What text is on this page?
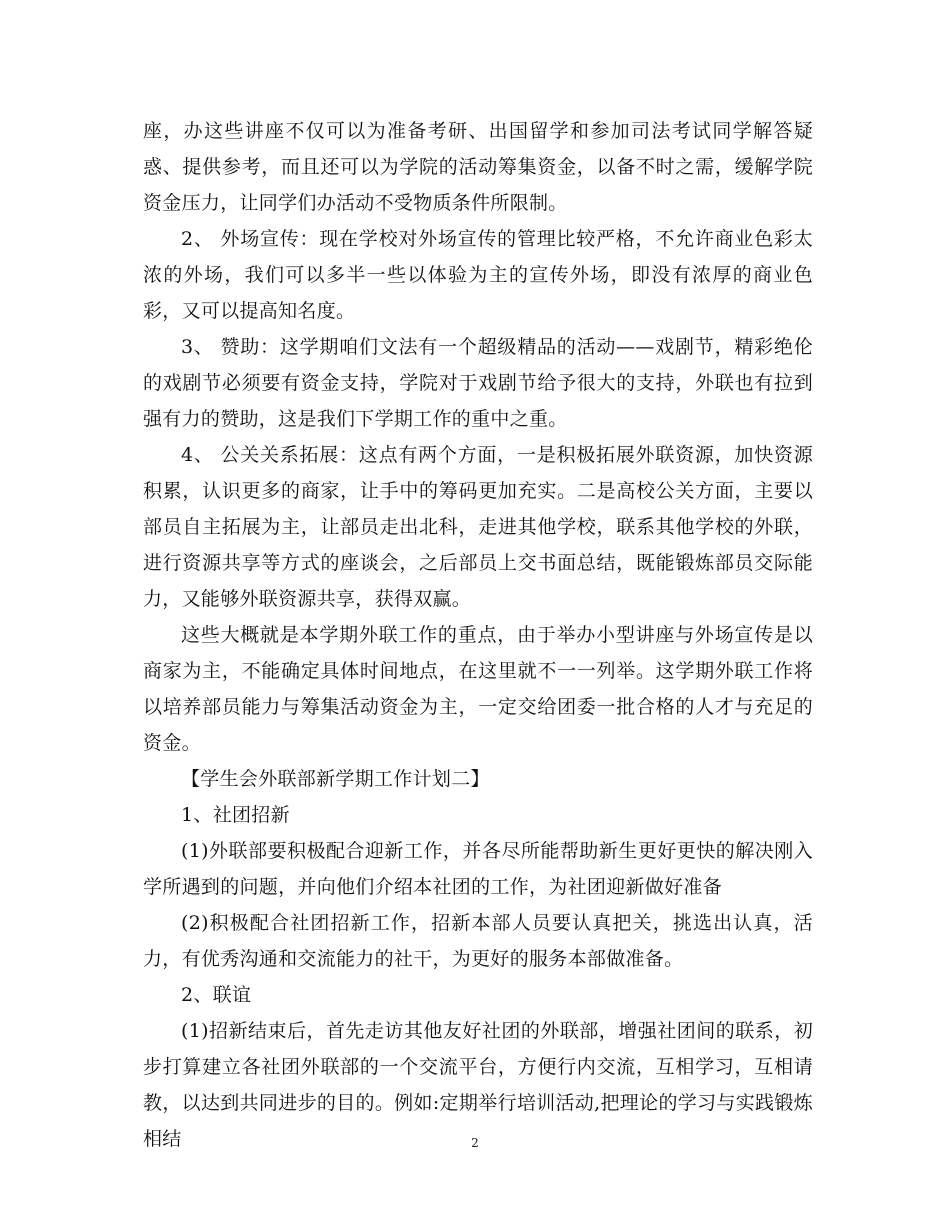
座，办这些讲座不仅可以为准备考研、出国留学和参加司法考试同学解答疑惑、提供参考，而且还可以为学院的活动筹集资金，以备不时之需，缓解学院资金压力，让同学们办活动不受物质条件所限制。

2、 外场宣传：现在学校对外场宣传的管理比较严格，不允许商业色彩太浓的外场，我们可以多半一些以体验为主的宣传外场，即没有浓厚的商业色彩，又可以提高知名度。

3、 赞助：这学期咱们文法有一个超级精品的活动——戏剧节，精彩绝伦的戏剧节必须要有资金支持，学院对于戏剧节给予很大的支持，外联也有拉到强有力的赞助，这是我们下学期工作的重中之重。

4、 公关关系拓展：这点有两个方面，一是积极拓展外联资源，加快资源积累，认识更多的商家，让手中的筹码更加充实。二是高校公关方面，主要以部员自主拓展为主，让部员走出北科，走进其他学校，联系其他学校的外联，进行资源共享等方式的座谈会，之后部员上交书面总结，既能锻炼部员交际能力，又能够外联资源共享，获得双赢。

这些大概就是本学期外联工作的重点，由于举办小型讲座与外场宣传是以商家为主，不能确定具体时间地点，在这里就不一一列举。这学期外联工作将以培养部员能力与筹集活动资金为主，一定交给团委一批合格的人才与充足的资金。

【学生会外联部新学期工作计划二】

1、社团招新

(1)外联部要积极配合迎新工作，并各尽所能帮助新生更好更快的解决刚入学所遇到的问题，并向他们介绍本社团的工作，为社团迎新做好准备

(2)积极配合社团招新工作，招新本部人员要认真把关，挑选出认真，活力，有优秀沟通和交流能力的社干，为更好的服务本部做准备。

2、联谊

(1)招新结束后，首先走访其他友好社团的外联部，增强社团间的联系，初步打算建立各社团外联部的一个交流平台，方便行内交流，互相学习，互相请教，以达到共同进步的目的。例如:定期举行培训活动,把理论的学习与实践锻炼相结	2
